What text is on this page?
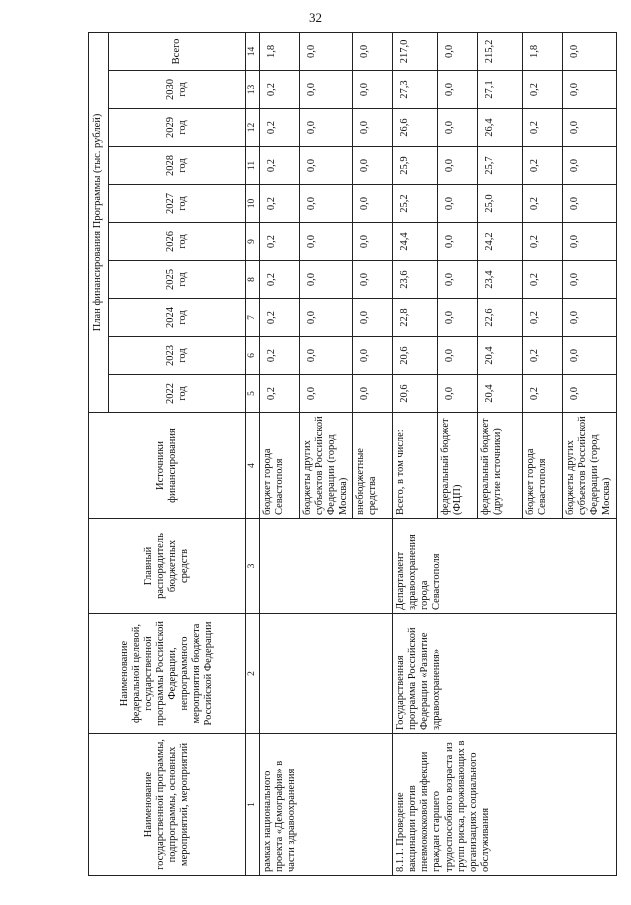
32
Наименование государственной программы, подпрограммы, основных мероприятий, мероприятий	Наименование федеральной целевой, государственной программы Российской Федерации, непрограммного мероприятия бюджета Российской Федерации	Главный распорядитель бюджетных средств	Источники финансирования	План финансирования Программы (тыс. рублей)									
				2022 год	2023 год	2024 год	2025 год	2026 год	2027 год	2028 год	2029 год	2030 год	Всего
1	2	3	4	5	6	7	8	9	10	11	12	13	14
рамках национального проекта «Демография» в части здравоохранения			бюджет города Севастополя	0,2	0,2	0,2	0,2	0,2	0,2	0,2	0,2	0,2	1,8
			бюджеты других субъектов Российской Федерации (город Москва)	0,0	0,0	0,0	0,0	0,0	0,0	0,0	0,0	0,0	0,0
			внебюджетные средства	0,0	0,0	0,0	0,0	0,0	0,0	0,0	0,0	0,0	0,0
8.1.1. Проведение вакцинации против пневмококковой инфекции граждан старшего трудоспособного возраста из групп риска, проживающих в организациях социального обслуживания	Государственная программа Российской Федерации «Развитие здравоохранения»	Департамент здравоохранения города Севастополя	Всего, в том числе:	20,6	20,6	22,8	23,6	24,4	25,2	25,9	26,6	27,3	217,0
			федеральный бюджет (ФЦП)	0,0	0,0	0,0	0,0	0,0	0,0	0,0	0,0	0,0	0,0
			федеральный бюджет (другие источники)	20,4	20,4	22,6	23,4	24,2	25,0	25,7	26,4	27,1	215,2
			бюджет города Севастополя	0,2	0,2	0,2	0,2	0,2	0,2	0,2	0,2	0,2	1,8
			бюджеты других субъектов Российской Федерации (город Москва)	0,0	0,0	0,0	0,0	0,0	0,0	0,0	0,0	0,0	0,0
